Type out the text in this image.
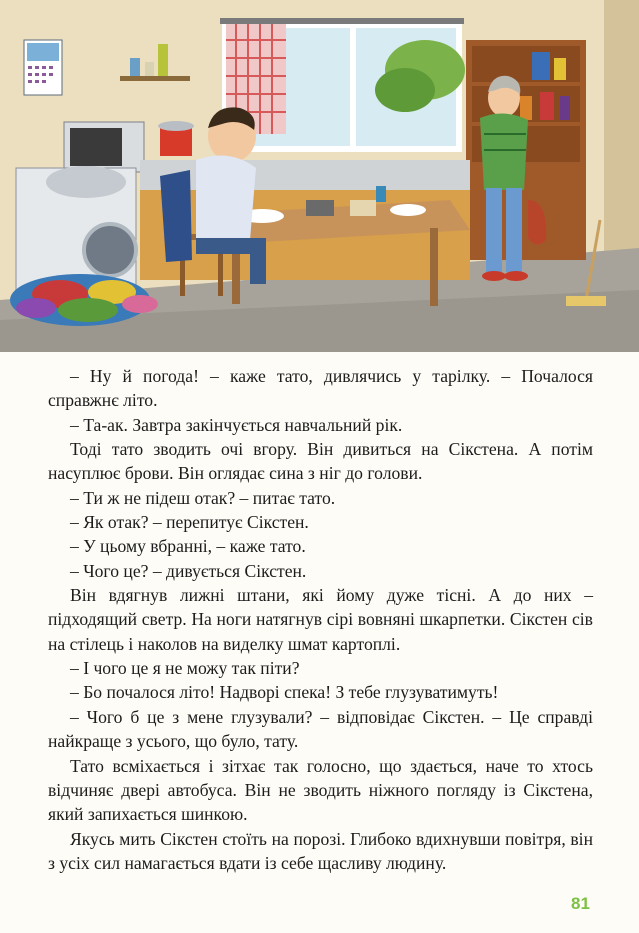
– Ну й погода! – каже тато, дивлячись у тарілку. – Почалося справжнє літо.

– Та-ак. Завтра закінчується навчальний рік.

Тоді тато зводить очі вгору. Він дивиться на Сікстена. А потім насуплює брови. Він оглядає сина з ніг до голови.

– Ти ж не підеш отак? – питає тато.

– Як отак? – перепитує Сікстен.

– У цьому вбранні, – каже тато.

– Чого це? – дивується Сікстен.

Він вдягнув лижні штани, які йому дуже тісні. А до них – підходящий светр. На ноги натягнув сірі вовняні шкарпетки. Сікстен сів на стілець і наколов на виделку шмат картоплі.

– І чого це я не можу так піти?

– Бо почалося літо! Надворі спека! З тебе глузуватимуть!

– Чого б це з мене глузували? – відповідає Сікстен. – Це справді найкраще з усього, що було, тату.

Тато всміхається і зітхає так голосно, що здається, наче то хтось відчиняє двері автобуса. Він не зводить ніжного погляду із Сікстена, який запихається шинкою.

Якусь мить Сікстен стоїть на порозі. Глибоко вдихнувши повітря, він з усіх сил намагається вдати із себе щасливу людину.

81
